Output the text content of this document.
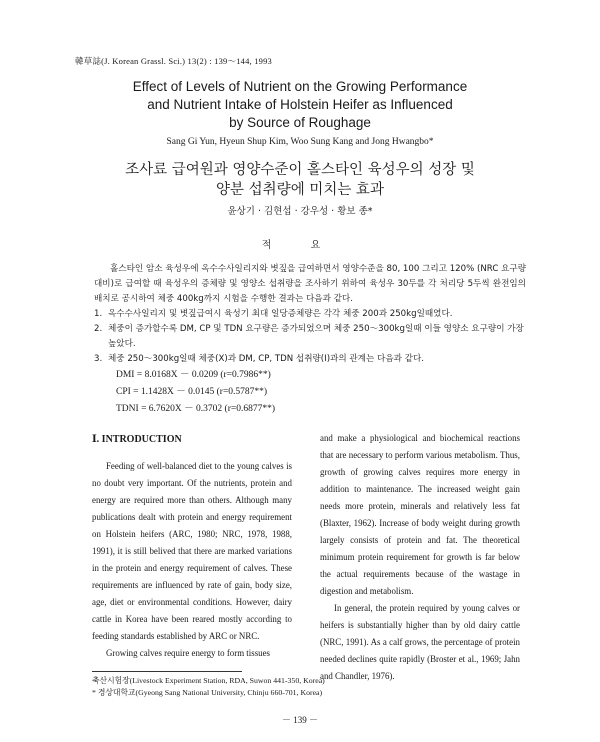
韓草誌(J. Korean Grassl. Sci.) 13(2) : 139～144, 1993
Effect of Levels of Nutrient on the Growing Performance
and Nutrient Intake of Holstein Heifer as Influenced
by Source of Roughage
Sang Gi Yun, Hyeun Shup Kim, Woo Sung Kang and Jong Hwangbo*
조사료 급여원과 영양수준이 홀스타인 육성우의 성장 및
양분 섭취량에 미치는 효과
윤상기 · 김현섭 · 강우성 · 황보 종*
적 요
홀스타인 암소 육성우에 옥수수사일리지와 볏짚을 급여하면서 영양수준을 80, 100 그리고 120% (NRC 요구량 대비)로 급여할 때 육성우의 증체량 및 영양소 섭취량을 조사하기 위하여 육성우 30두를 각 처리당 5두씩 완전임의 배치로 공시하여 체중 400kg까지 시험을 수행한 결과는 다음과 같다.
1. 옥수수사일리지 및 볏짚급여시 육성기 최대 일당증체량은 각각 체중 200과 250kg일때였다.
2. 체중이 증가할수록 DM, CP 및 TDN 요구량은 증가되었으며 체중 250～300kg일때 이들 영양소 요구량이 가장 높았다.
3. 체중 250～300kg일때 체중(X)과 DM, CP, TDN 섭취량(I)과의 관계는 다음과 같다.
DMI = 8.0168X － 0.0209 (r=0.7986**)
CPI = 1.1428X － 0.0145 (r=0.5787**)
TDNI = 6.7620X － 0.3702 (r=0.6877**)
Ⅰ. INTRODUCTION
Feeding of well-balanced diet to the young calves is no doubt very important. Of the nutrients, protein and energy are required more than others. Although many publications dealt with protein and energy requirement on Holstein heifers (ARC, 1980; NRC, 1978, 1988, 1991), it is still belived that there are marked variations in the protein and energy requirement of calves. These requirements are influenced by rate of gain, body size, age, diet or environmental conditions. However, dairy cattle in Korea have been reared mostly according to feeding standards established by ARC or NRC.
Growing calves require energy to form tissues
and make a physiological and biochemical reactions that are necessary to perform various metabolism. Thus, growth of growing calves requires more energy in addition to maintenance. The increased weight gain needs more protein, minerals and relatively less fat (Blaxter, 1962). Increase of body weight during growth largely consists of protein and fat. The theoretical minimum protein requirement for growth is far below the actual requirements because of the wastage in digestion and metabolism.
In general, the protein required by young calves or heifers is substantially higher than by old dairy cattle (NRC, 1991). As a calf grows, the percentage of protein needed declines quite rapidly (Broster et al., 1969; Jahn and Chandler, 1976).
축산시험장(Livestock Experiment Station, RDA, Suwon 441-350, Korea)
* 경상대학교(Gyeong Sang National University, Chinju 660-701, Korea)
－ 139 －
